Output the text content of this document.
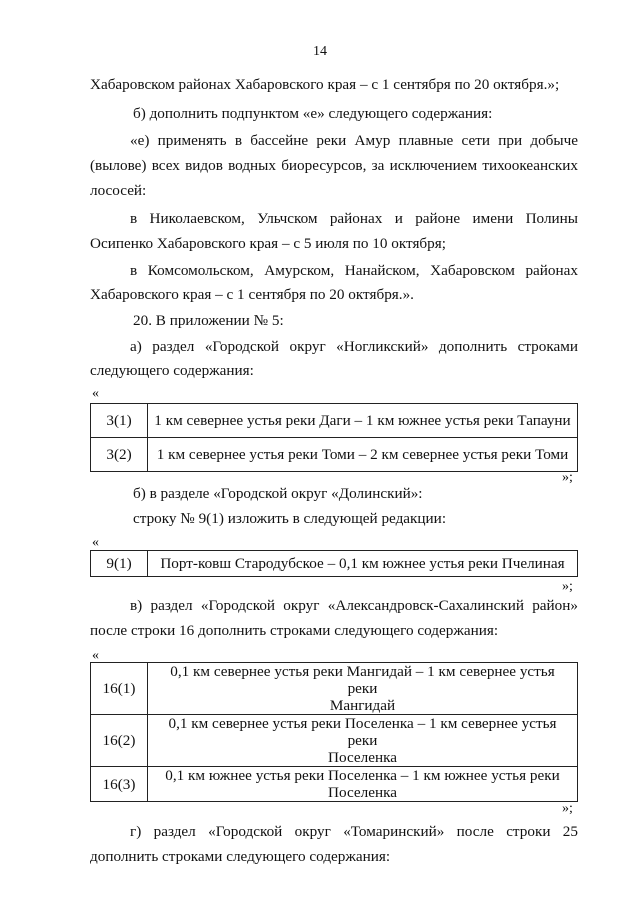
14
Хабаровском районах Хабаровского края – с 1 сентября по 20 октября.»;
б) дополнить подпунктом «е» следующего содержания:
«е) применять в бассейне реки Амур плавные сети при добыче
(вылове) всех видов водных биоресурсов, за исключением тихоокеанских
лососей:
в Николаевском, Ульчском районах и районе имени Полины
Осипенко Хабаровского края – с 5 июля по 10 октября;
в Комсомольском, Амурском, Нанайском, Хабаровском районах
Хабаровского края – с 1 сентября по 20 октября.».
20. В приложении № 5:
а) раздел «Городской округ «Ногликский» дополнить строками
следующего содержания:
«
3(1)	1 км севернее устья реки Даги – 1 км южнее устья реки Тапауни
3(2)	1 км севернее устья реки Томи – 2 км севернее устья реки Томи
»;
б) в разделе «Городской округ «Долинский»:
строку № 9(1) изложить в следующей редакции:
«
9(1)	Порт-ковш Стародубское – 0,1 км южнее устья реки Пчелиная
»;
в) раздел «Городской округ «Александровск-Сахалинский район»
после строки 16 дополнить строками следующего содержания:
«
16(1)	0,1 км севернее устья реки Мангидай – 1 км севернее устья реки
Мангидай

16(2)	0,1 км севернее устья реки Поселенка – 1 км севернее устья реки
Поселенка

16(3)	0,1 км южнее устья реки Поселенка – 1 км южнее устья реки
Поселенка
»;
г) раздел «Городской округ «Томаринский» после строки 25
дополнить строками следующего содержания:
